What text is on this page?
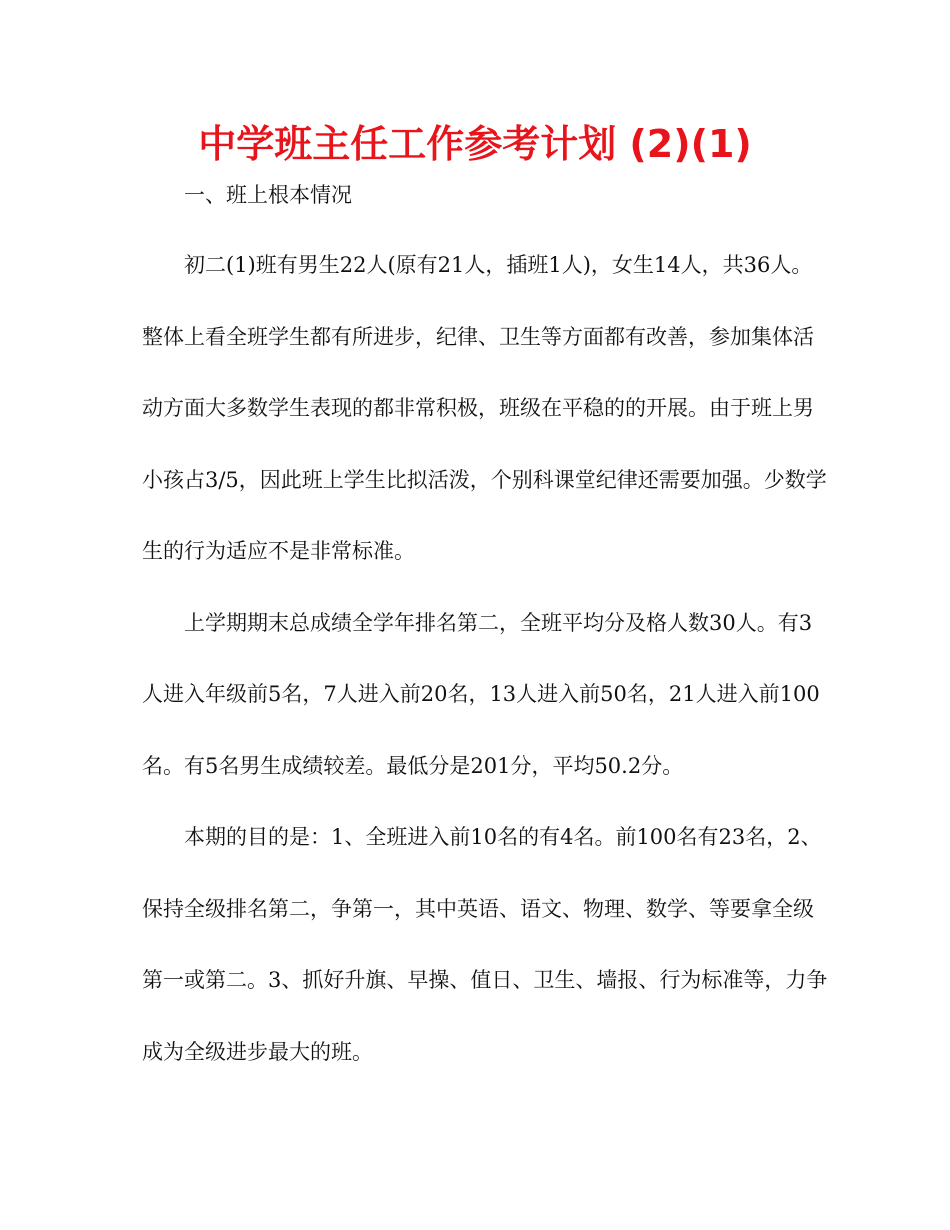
中学班主任工作参考计划 (2)(1)
一、班上根本情况

初二(1)班有男生22人(原有21人，插班1人)，女生14人，共36人。整体上看全班学生都有所进步，纪律、卫生等方面都有改善，参加集体活动方面大多数学生表现的都非常积极，班级在平稳的的开展。由于班上男小孩占3/5，因此班上学生比拟活泼，个别科课堂纪律还需要加强。少数学生的行为适应不是非常标准。

上学期期末总成绩全学年排名第二，全班平均分及格人数30人。有3人进入年级前5名，7人进入前20名，13人进入前50名，21人进入前100名。有5名男生成绩较差。最低分是201分，平均50.2分。

本期的目的是：1、全班进入前10名的有4名。前100名有23名，2、保持全级排名第二，争第一，其中英语、语文、物理、数学、等要拿全级第一或第二。3、抓好升旗、早操、值日、卫生、墙报、行为标准等，力争成为全级进步最大的班。
